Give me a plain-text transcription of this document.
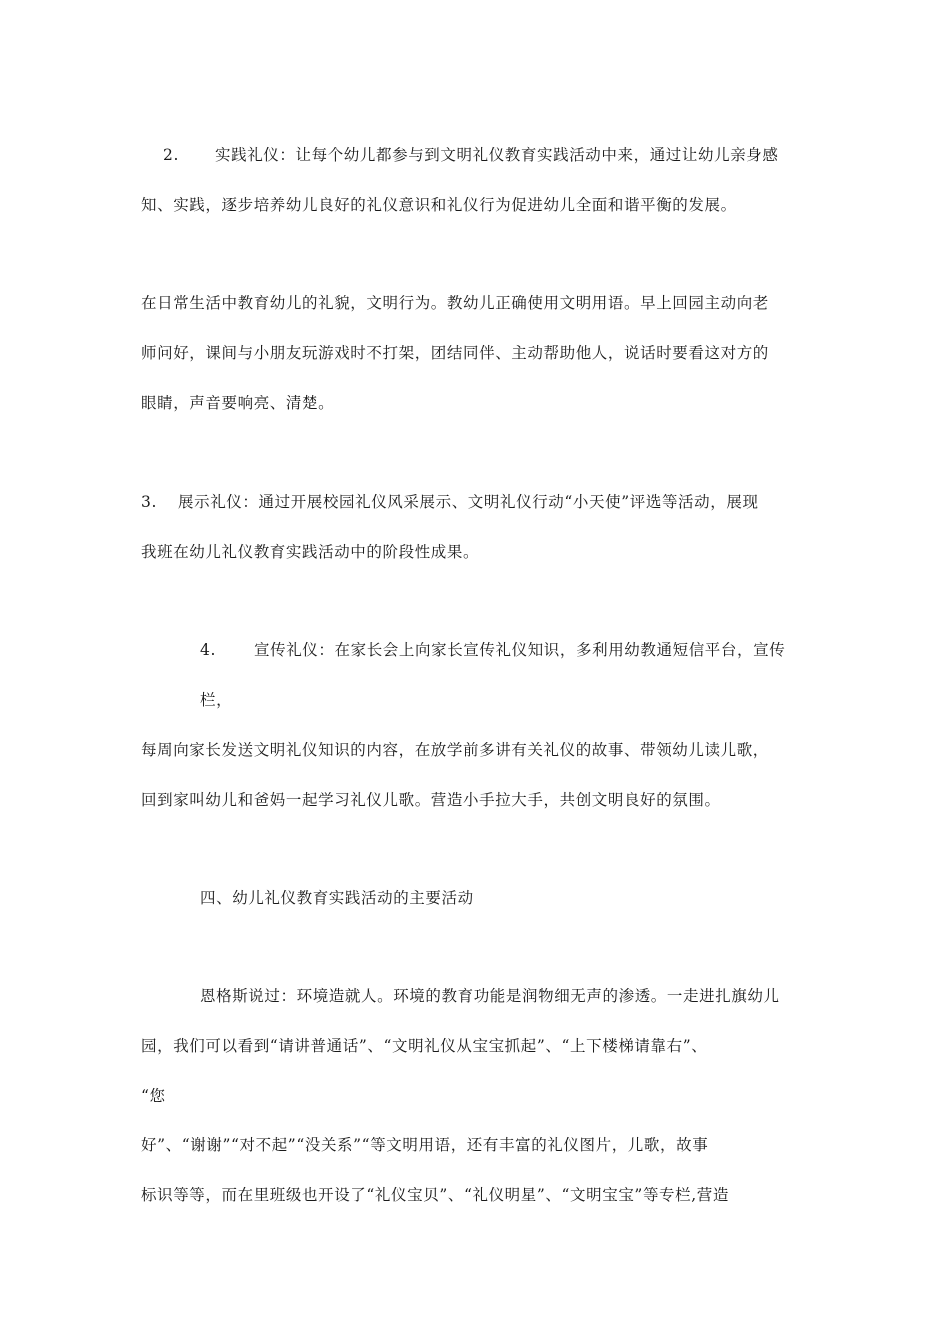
2. 实践礼仪：让每个幼儿都参与到文明礼仪教育实践活动中来，通过让幼儿亲身感
知、实践，逐步培养幼儿良好的礼仪意识和礼仪行为促进幼儿全面和谐平衡的发展。
在日常生活中教育幼儿的礼貌，文明行为。教幼儿正确使用文明用语。早上回园主动向老
师问好，课间与小朋友玩游戏时不打架，团结同伴、主动帮助他人，说话时要看这对方的
眼睛，声音要响亮、清楚。
3. 展示礼仪：通过开展校园礼仪风采展示、文明礼仪行动“小天使”评选等活动，展现
我班在幼儿礼仪教育实践活动中的阶段性成果。
4. 宣传礼仪：在家长会上向家长宣传礼仪知识，多利用幼教通短信平台，宣传
栏，
每周向家长发送文明礼仪知识的内容，在放学前多讲有关礼仪的故事、带领幼儿读儿歌，
回到家叫幼儿和爸妈一起学习礼仪儿歌。营造小手拉大手，共创文明良好的氛围。
四、幼儿礼仪教育实践活动的主要活动
恩格斯说过：环境造就人。环境的教育功能是润物细无声的渗透。一走进扎旗幼儿
园，我们可以看到“请讲普通话”、“文明礼仪从宝宝抓起”、“上下楼梯请靠右”、
“您
好”、“谢谢”“对不起”“没关系”“等文明用语，还有丰富的礼仪图片，儿歌，故事
标识等等，而在里班级也开设了“礼仪宝贝”、“礼仪明星”、“文明宝宝”等专栏,营造
